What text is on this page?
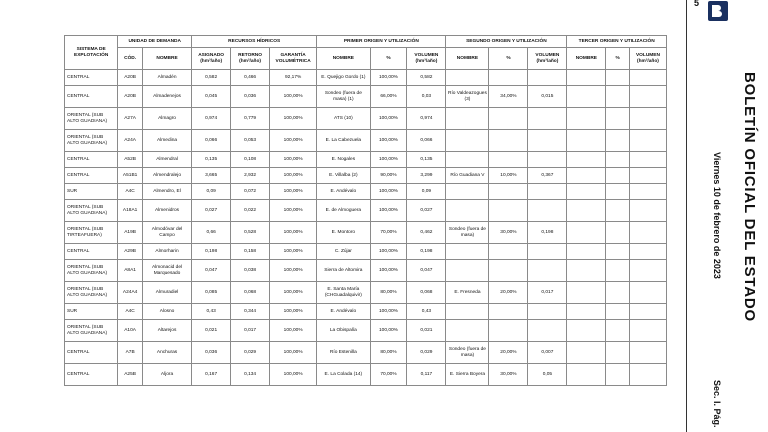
5
BOLETÍN OFICIAL DEL ESTADO
Viernes 10 de febrero de 2023
Sec. I. Pág.
SISTEMA DE EXPLOTACIÓN	UNIDAD DE DEMANDA		RECURSOS HÍDRICOS			PRIMER ORIGEN Y UTILIZACIÓN			SEGUNDO ORIGEN Y UTILIZACIÓN			TERCER ORIGEN Y UTILIZACIÓN		
	CÓD.	NOMBRE	ASIGNADO (hm³/año)	RETORNO (hm³/año)	GARANTÍA VOLUMÉTRICA	NOMBRE	%	VOLUMEN (hm³/año)	NOMBRE	%	VOLUMEN (hm³/año)	NOMBRE	%	VOLUMEN (hm³/año)
CENTRAL	A20B	Almadén	0,582	0,466	92,17%	E. Quejigo Gordo (1)	100,00%	0,582						
CENTRAL	A20B	Almadenejos	0,045	0,036	100,00%	Sondeo (fuera de masa) (1)	66,00%	0,03	Río Valdeazogues (3)	34,00%	0,015			
ORIENTAL (SUB ALTO GUADIANA)	A27A	Almagro	0,974	0,779	100,00%	ATS (10)	100,00%	0,974						
ORIENTAL (SUB ALTO GUADIANA)	A24A	Almedina	0,066	0,053	100,00%	E. La Cabezuela	100,00%	0,066						
CENTRAL	A52B	Almendral	0,135	0,108	100,00%	E. Nogales	100,00%	0,135						
CENTRAL	A51B1	Almendralejo	3,665	2,932	100,00%	E. Villalba (2)	90,00%	3,299	Río Guadiana V	10,00%	0,367			
SUR	A4C	Almendro, El	0,09	0,072	100,00%	E. Andévalo	100,00%	0,09						
ORIENTAL (SUB ALTO GUADIANA)	A18A1	Almenidros	0,027	0,022	100,00%	E. de Almoguera	100,00%	0,027						
ORIENTAL (SUB TIRTEAFUERA)	A19B	Almodóvar del Campo	0,66	0,528	100,00%	E. Montoro	70,00%	0,462	Sondeo (fuera de masa)	30,00%	0,198			
CENTRAL	A29B	Almorharin	0,198	0,158	100,00%	C. Zújar	100,00%	0,198						
ORIENTAL (SUB ALTO GUADIANA)	A8A1	Almonacid del Marquesado	0,047	0,038	100,00%	Sierra de Altomira	100,00%	0,047						
ORIENTAL (SUB ALTO GUADIANA)	A24A4	Almuradiel	0,085	0,068	100,00%	E. Santa María (CHGuadalquivir)	80,00%	0,068	E. Fresneda	20,00%	0,017			
SUR	A4C	Alosno	0,43	0,344	100,00%	E. Andévalo	100,00%	0,43						
ORIENTAL (SUB ALTO GUADIANA)	A10A	Altarejos	0,021	0,017	100,00%	La Obispalía	100,00%	0,021						
CENTRAL	A7B	Anchuras	0,036	0,029	100,00%	Río Estenilla	80,00%	0,029	Sondeo (fuera de masa)	20,00%	0,007			
CENTRAL	A25B	Aljora	0,167	0,134	100,00%	E. La Colada (14)	70,00%	0,117	E. Sierra Boyera	30,00%	0,05			
